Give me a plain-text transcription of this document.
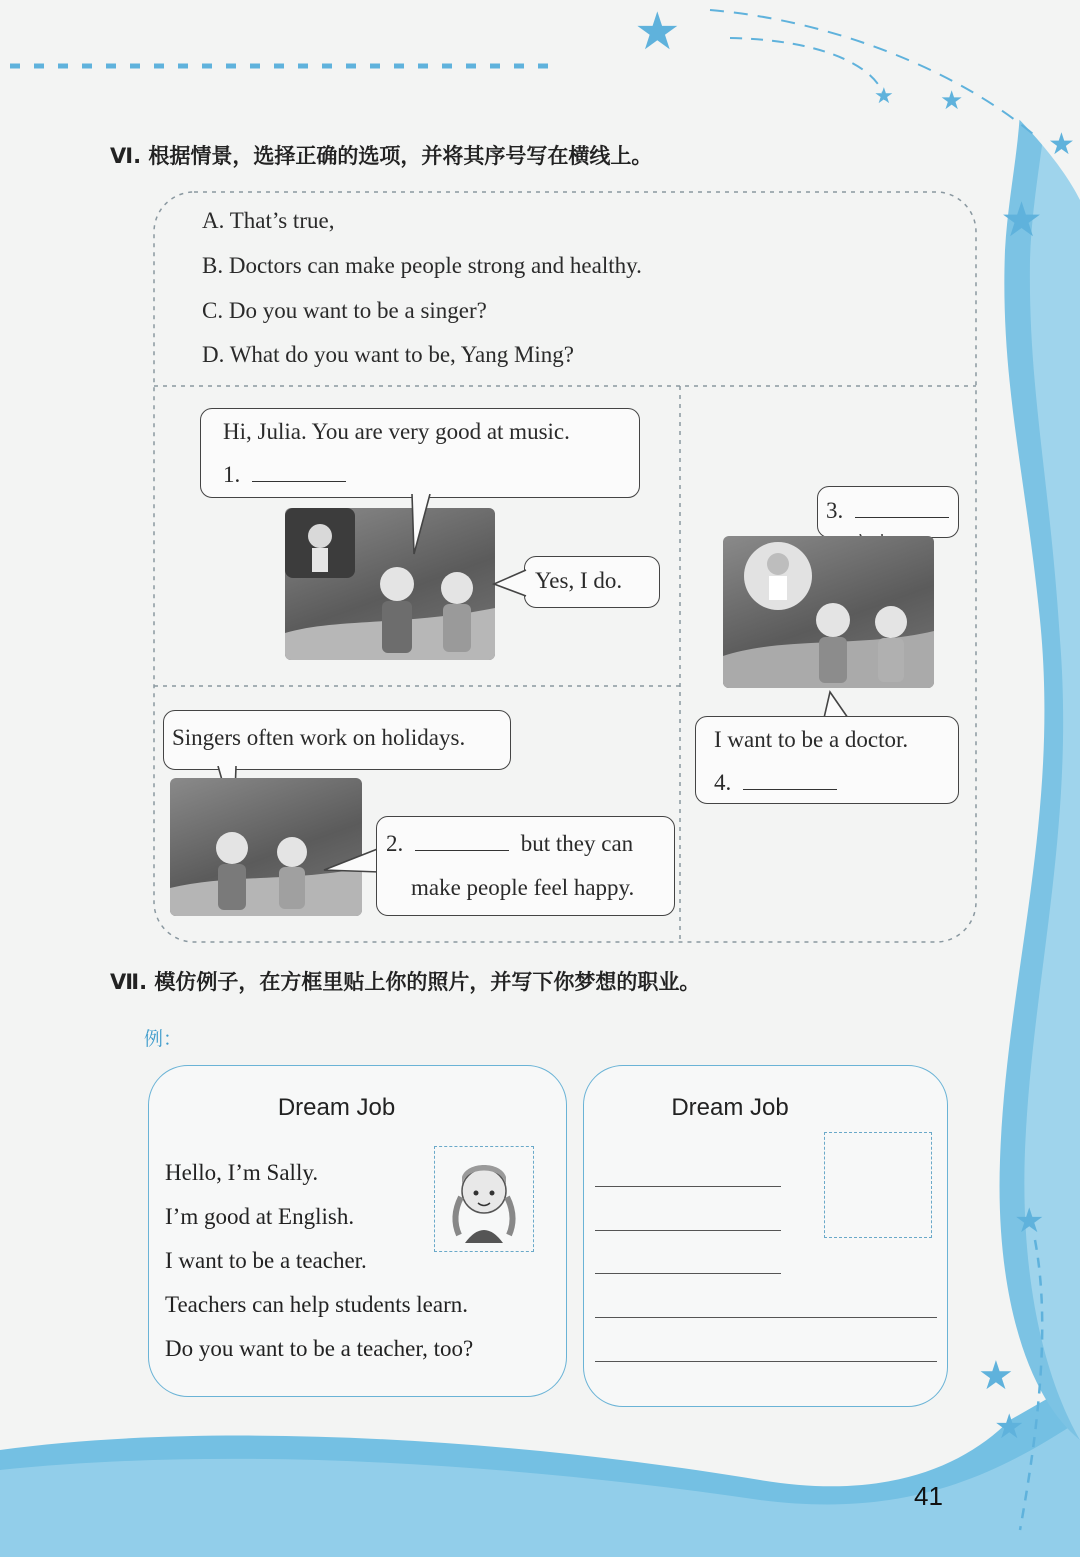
★
★ ★
★
★
★
★
★
Ⅵ. 根据情景，选择正确的选项，并将其序号写在横线上。
A. That’s true,
B. Doctors can make people strong and healthy.
C. Do you want to be a singer?
D. What do you want to be, Yang Ming?
Hi, Julia. You are very good at music.
1.
Yes, I do.
3.
I want to be a doctor.
4.
Singers often work on holidays.
2.	but they can
make people feel happy.
Ⅶ. 模仿例子，在方框里贴上你的照片，并写下你梦想的职业。
例：
Dream Job
Hello, I’m Sally.
I’m good at English.
I want to be a teacher.
Teachers can help students learn.
Do you want to be a teacher, too?
Dream Job
41
